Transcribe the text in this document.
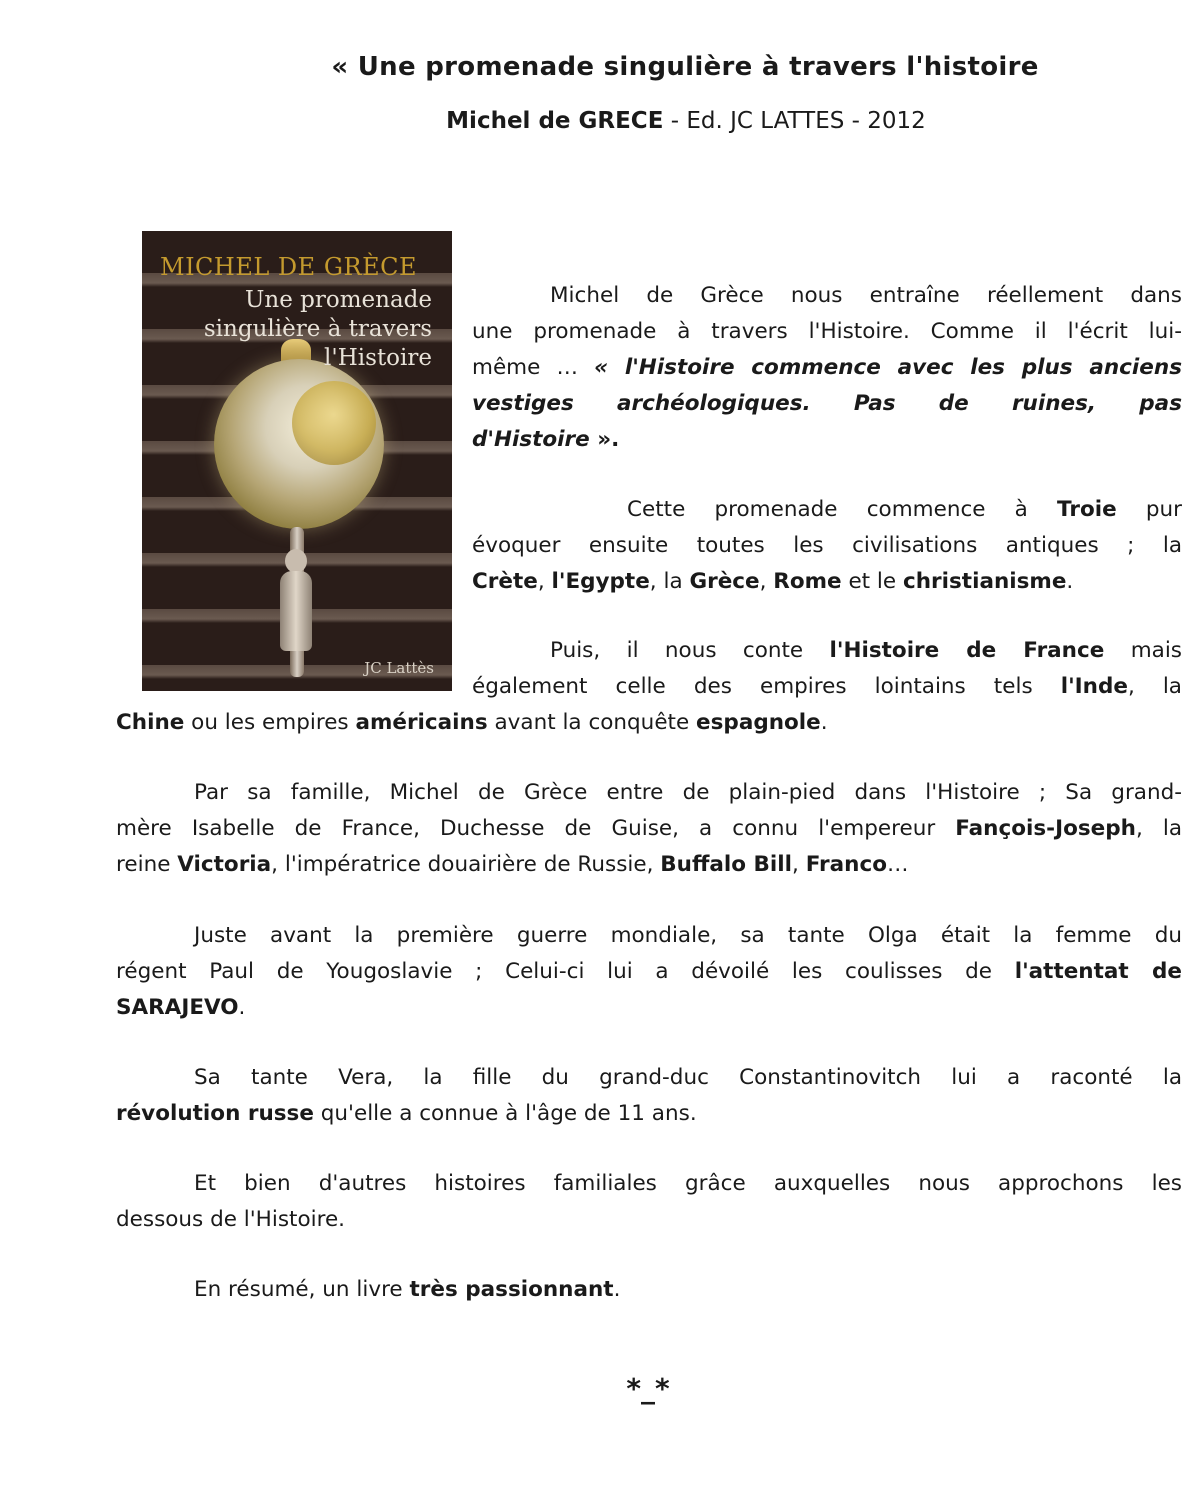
« Une promenade singulière à travers l'histoire
Michel de GRECE - Ed. JC LATTES - 2012
MICHEL DE GRÈCE
Une promenade
singulière à travers
l'Histoire
JC Lattès
Michel de Grèce nous entraîne réellement dans
une promenade à travers l'Histoire. Comme il l'écrit lui-
même … « l'Histoire commence avec les plus anciens
vestiges archéologiques. Pas de ruines, pas
d'Histoire ».
Cette promenade commence à Troie pur
évoquer ensuite toutes les civilisations antiques ; la
Crète, l'Egypte, la Grèce, Rome et le christianisme.
Puis, il nous conte l'Histoire de France mais
également celle des empires lointains tels l'Inde, la
Chine ou les empires américains avant la conquête espagnole.
Par sa famille, Michel de Grèce entre de plain-pied dans l'Histoire ; Sa grand-
mère Isabelle de France, Duchesse de Guise, a connu l'empereur Fançois-Joseph, la
reine Victoria, l'impératrice douairière de Russie, Buffalo Bill, Franco…
Juste avant la première guerre mondiale, sa tante Olga était la femme du
régent Paul de Yougoslavie ; Celui-ci lui a dévoilé les coulisses de l'attentat de
SARAJEVO.
Sa tante Vera, la fille du grand-duc Constantinovitch lui a raconté la
révolution russe qu'elle a connue à l'âge de 11 ans.
Et bien d'autres histoires familiales grâce auxquelles nous approchons les
dessous de l'Histoire.
En résumé, un livre très passionnant.
*_*
